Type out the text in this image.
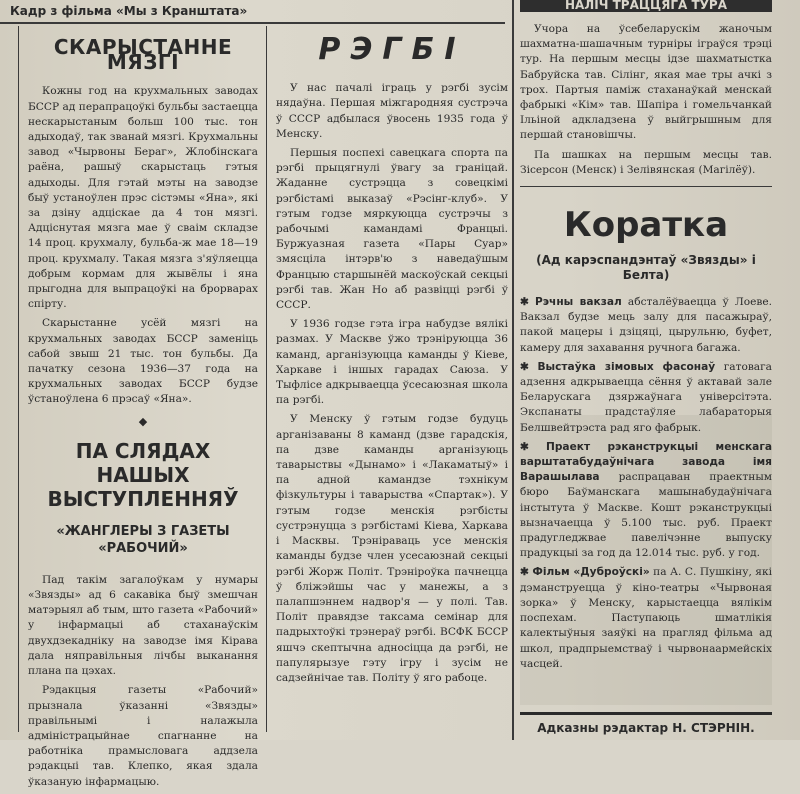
Кадр з фільма «Мы з Кранштата»
СКАРЫСТАННЕ МЯЗГІ

Кожны год на крухмальных заводах БССР ад перапрацоўкі бульбы застаецца нескарыстаным больш 100 тыс. тон адыходаў, так званай мязгі. Крухмальны завод «Чырвоны Бераг», Жлобінскага раёна, рашыў скарыстаць гэтыя адыходы. Для гэтай мэты на заводзе быў устаноўлен прэс сістэмы «Яна», які за дзіну адціскае да 4 тон мязгі. Адціснутая мязга мае ў сваім складзе 14 проц. крухмалу, бульба-ж мае 18—19 проц. крухмалу. Такая мязга з'яўляецца добрым кормам для жывёлы і яна прыгодна для выпрацоўкі на брорварах спірту.

Скарыстанне усёй мязгі на крухмальных заводах БССР заменіць сабой звыш 21 тыс. тон бульбы. Да пачатку сезона 1936—37 года на крухмальных заводах БССР будзе ўстаноўлена 6 прэсаў «Яна».

◆
ПА СЛЯДАХ НАШЫХ ВЫСТУПЛЕННЯЎ
«ЖАНГЛЕРЫ З ГАЗЕТЫ «РАБОЧИЙ»

Пад такім загалоўкам у нумары «Звязды» ад 6 сакавіка быў змешчан матэрыял аб тым, што газета «Рабочий» у інфармацыі аб стаханаўскім двухдзекадніку на заводзе імя Кірава дала няправільныя лічбы выканання плана па цэхах.

Рэдакцыя газеты «Рабочий» прызнала ўказанні «Звязды» правільнымі і налажыла адміністрацыйнае спагнанне на работніка прамысловага аддзела рэдакцыі тав. Клепко, якая здала ўказаную інфармацыю.

РЭГБІ

У нас пачалі іграць у рэгбі зусім нядаўна. Першая міжгародняя сустрэча ў СССР адбылася ўвосень 1935 года ў Менску.

Першыя поспехі савецкага спорта па рэгбі прыцягнулі ўвагу за граніцай. Жаданне сустрэцца з совецкімі рэгбістамі выказаў «Рэсінг-клуб». У гэтым годзе мяркуюцца сустрэчы з рабочымі камандамі Францыі. Буржуазная газета «Пары Суар» змясціла інтэрв'ю з наведаўшым Францыю старшынёй маскоўскай секцыі рэгбі тав. Жан Но аб развіцці рэгбі ў СССР.

У 1936 годзе гэта ігра набудзе вялікі размах. У Маскве ўжо трэніруюцца 36 каманд, арганізуюцца каманды ў Кіеве, Харкаве і іншых гарадах Саюза. У Тыфлісе адкрываецца ўсесаюзная школа па рэгбі.

У Менску ў гэтым годзе будуць арганізаваны 8 каманд (дзве гарадскія, па дзве каманды арганізуюць таварыствы «Дынамо» і «Лакаматыў» і па адной камандзе тэхнікум фізкультуры і таварыства «Спартак»). У гэтым годзе менскія рэгбісты сустрэнуцца з рэгбістамі Кіева, Харкава і Масквы. Трэніраваць усе менскія каманды будзе член усесаюзнай секцыі рэгбі Жорж Політ. Трэніроўка пачнецца ў бліжэйшы час у манежы, а з палапшэннем надвор'я — у полі. Тав. Політ правядзе таксама семінар для падрыхтоўкі трэнераў рэгбі. ВСФК БССР яшчэ скептычна адносіцца да рэгбі, не папулярызуе гэту ігру і зусім не садзейнічае тав. Політу ў яго рабоце.

НАЛІЧ ТРАЦЦЯГА ТУРА

Учора на ўсебеларускім жаночым шахматна-шашачным турніры іграўся трэці тур. На першым месцы ідзе шахматыстка Бабруйска тав. Сілінг, якая мае тры ачкі з трох. Партыя паміж стаханаўкай менскай фабрыкі «Кім» тав. Шапіра і гомельчанкай Ільіной адкладзена ў выйгрышным для першай становішчы.

Па шашках на першым месцы тав. Зісерсон (Менск) і Зелівянская (Магілёў).

Коратка
(Ад карэспандэнтаў «Звязды» і Белта)

✱ Рэчны вакзал абсталёўваецца ў Лоеве. Вакзал будзе мець залу для пасажыраў, пакой мацеры і дзіцяці, цырульню, буфет, камеру для захавання ручнога багажа.

✱ Выстаўка зімовых фасонаў гатовага адзення адкрываецца сёння ў актавай зале Беларускага дзяржаўнага універсітэта. Экспанаты прадстаўляе лабараторыя Белшвейтрэста рад яго фабрык.

✱ Праект рэканструкцыі менскага варштатабудаўнічага завода імя Варашылава распрацаван праектным бюро Баўманскага машынабудаўнічага інстытута ў Маскве. Кошт рэканструкцыі вызначаецца ў 5.100 тыс. руб. Праект прадугледжвае павелічэнне выпуску прадукцыі за год да 12.014 тыс. руб. у год.

✱ Фільм «Дуброўскі» па А. С. Пушкіну, які дэманструецца ў кіно-театры «Чырвоная зорка» ў Менску, карыстаецца вялікім поспехам. Паступаюць шматлікія калектыўныя заяўкі на прагляд фільма ад школ, прадпрыемстваў і чырвонаармейскіх часцей.

Адказны рэдактар Н. СТЭРНІН.
